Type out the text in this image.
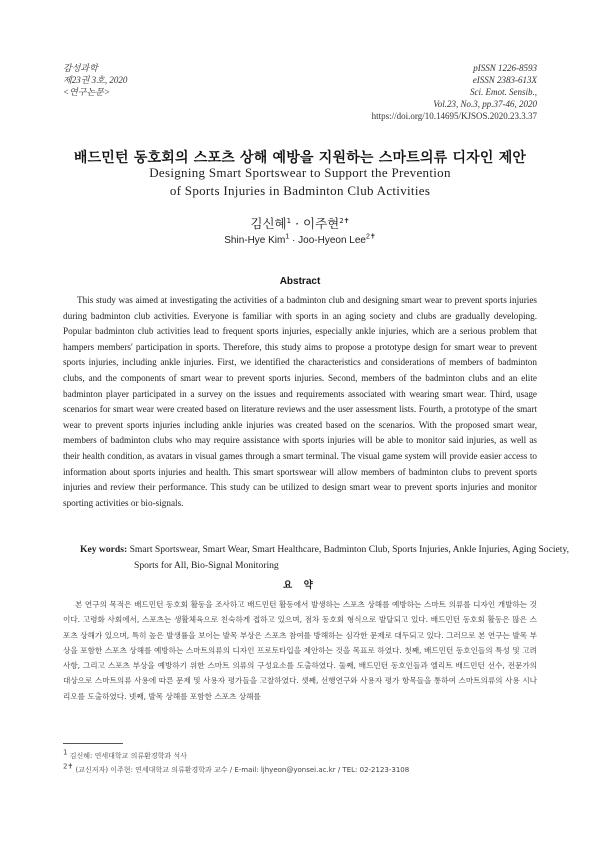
감성과학
제23권 3호, 2020
<연구논문>
pISSN 1226-8593
eISSN 2383-613X
Sci. Emot. Sensib.,
Vol.23, No.3, pp.37-46, 2020
https://doi.org/10.14695/KJSOS.2020.23.3.37
배드민턴 동호회의 스포츠 상해 예방을 지원하는 스마트의류 디자인 제안
Designing Smart Sportswear to Support the Prevention
of Sports Injuries in Badminton Club Activities
김신혜$^1$ · 이주현$^{2✝}$
Shin-Hye Kim$^1$ · Joo-Hyeon Lee$^{2✝}$
Abstract
This study was aimed at investigating the activities of a badminton club and designing smart wear to prevent sports injuries during badminton club activities. Everyone is familiar with sports in an aging society and clubs are gradually developing. Popular badminton club activities lead to frequent sports injuries, especially ankle injuries, which are a serious problem that hampers members' participation in sports. Therefore, this study aims to propose a prototype design for smart wear to prevent sports injuries, including ankle injuries. First, we identified the characteristics and considerations of members of badminton clubs, and the components of smart wear to prevent sports injuries. Second, members of the badminton clubs and an elite badminton player participated in a survey on the issues and requirements associated with wearing smart wear. Third, usage scenarios for smart wear were created based on literature reviews and the user assessment lists. Fourth, a prototype of the smart wear to prevent sports injuries including ankle injuries was created based on the scenarios. With the proposed smart wear, members of badminton clubs who may require assistance with sports injuries will be able to monitor said injuries, as well as their health condition, as avatars in visual games through a smart terminal. The visual game system will provide easier access to information about sports injuries and health. This smart sportswear will allow members of badminton clubs to prevent sports injuries and review their performance. This study can be utilized to design smart wear to prevent sports injuries and monitor sporting activities or bio-signals.
Key words: Smart Sportswear, Smart Wear, Smart Healthcare, Badminton Club, Sports Injuries, Ankle Injuries, Aging Society, Sports for All, Bio-Signal Monitoring
요 약
본 연구의 목적은 배드민턴 동호회 활동을 조사하고 배드민턴 활동에서 발생하는 스포츠 상해를 예방하는 스마트 의류를 디자인 개발하는 것이다. 고령화 사회에서, 스포츠는 생활체육으로 친숙하게 접하고 있으며, 점차 동호회 형식으로 발달되고 있다. 배드민턴 동호회 활동은 많은 스포츠 상해가 있으며, 특히 높은 발생률을 보이는 발목 부상은 스포츠 참여를 방해하는 심각한 문제로 대두되고 있다. 그러므로 본 연구는 발목 부상을 포함한 스포츠 상해를 예방하는 스마트의류의 디자인 프로토타입을 제안하는 것을 목표로 하였다. 첫째, 배드민턴 동호인들의 특성 및 고려사항, 그리고 스포츠 부상을 예방하기 위한 스마트 의류의 구성요소를 도출하였다. 둘째, 배드민턴 동호인들과 엘리트 배드민턴 선수, 전문가의 대상으로 스마트의류 사용에 따른 문제 및 사용자 평가들을 고찰하였다. 셋째, 선행연구와 사용자 평가 항목들을 통하여 스마트의류의 사용 시나리오를 도출하였다. 넷째, 발목 상해를 포함한 스포츠 상해를
$^1$ 김신혜: 연세대학교 의류환경학과 석사
$^{2✝}$ (교신저자) 이주현: 연세대학교 의류환경학과 교수 / E-mail: ljhyeon@yonsei.ac.kr / TEL: 02-2123-3108
